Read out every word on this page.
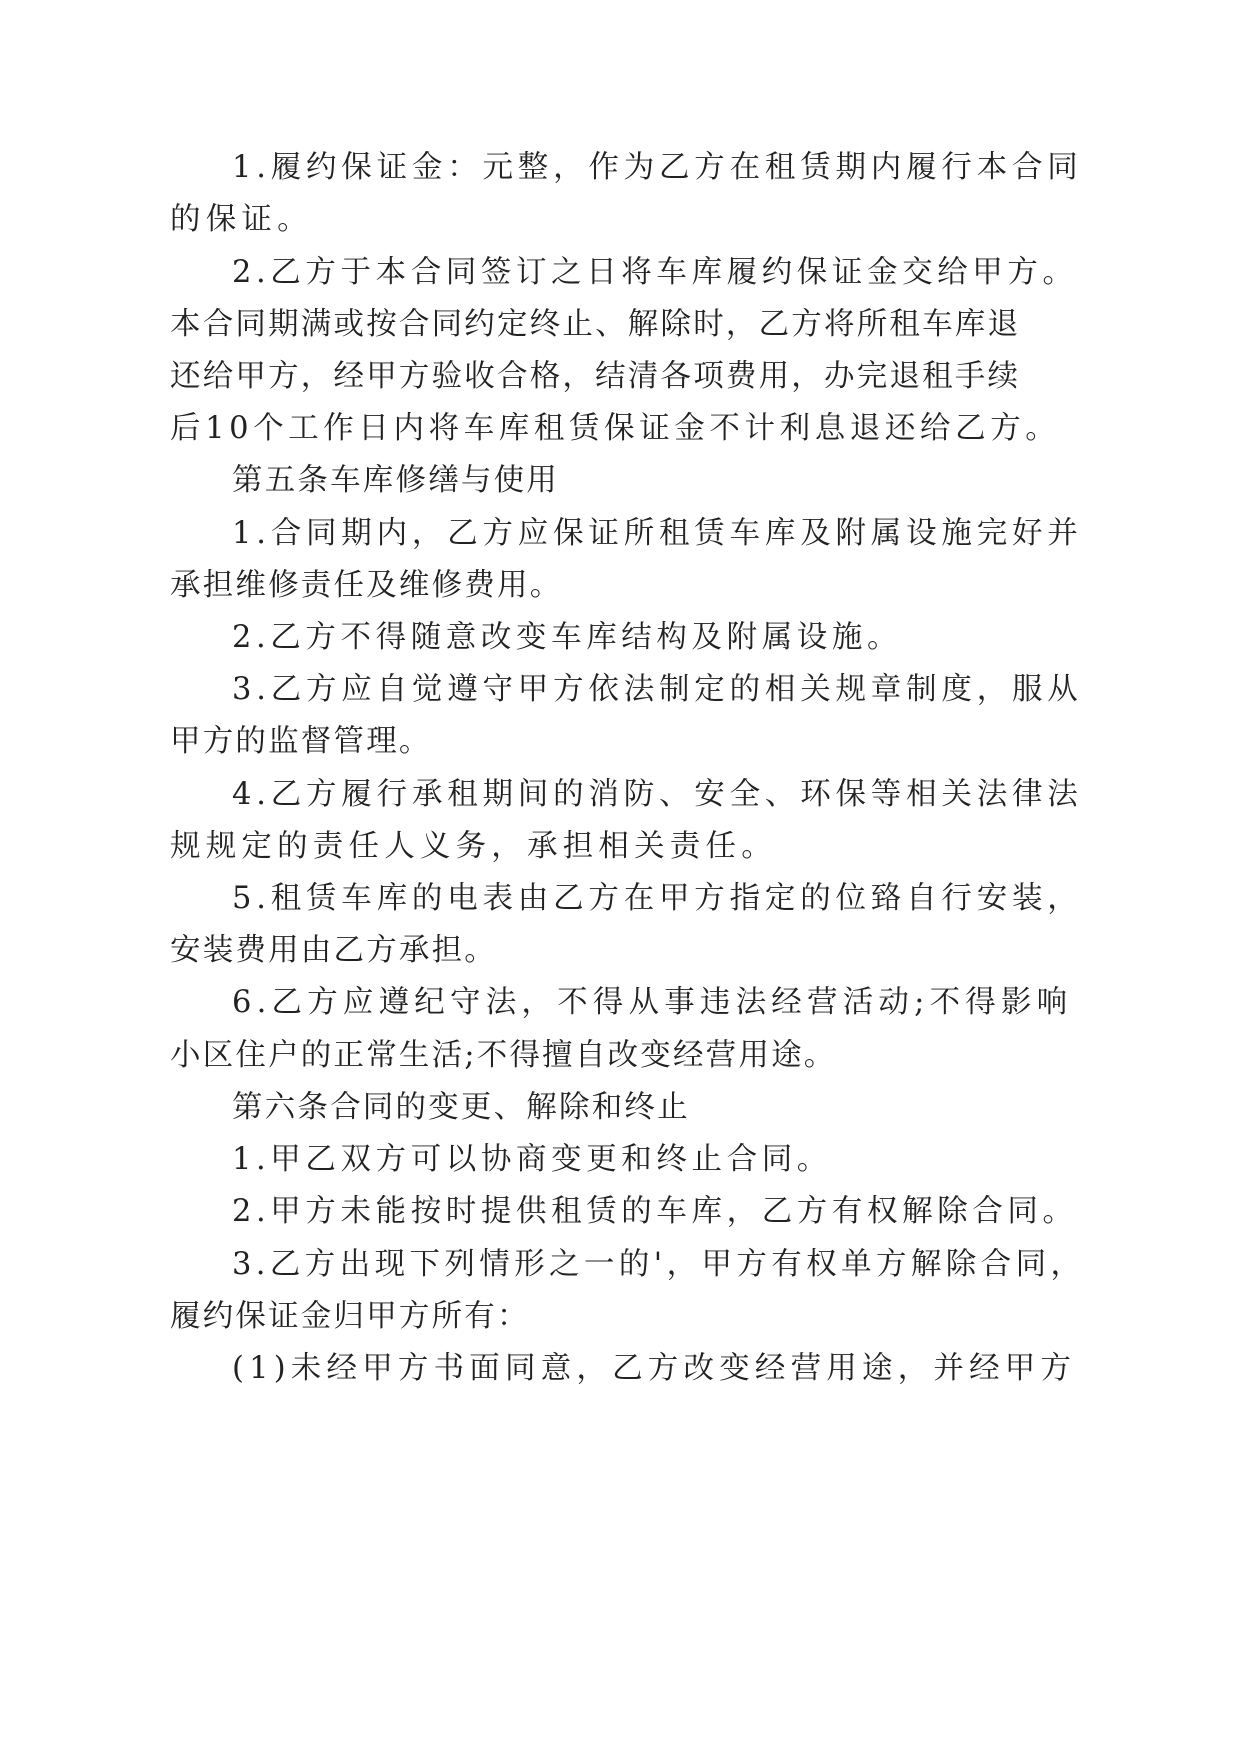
1.履约保证金：元整，作为乙方在租赁期内履行本合同
的保证。
2.乙方于本合同签订之日将车库履约保证金交给甲方。
本合同期满或按合同约定终止、解除时，乙方将所租车库退
还给甲方，经甲方验收合格，结清各项费用，办完退租手续
后10个工作日内将车库租赁保证金不计利息退还给乙方。
第五条车库修缮与使用
1.合同期内，乙方应保证所租赁车库及附属设施完好并
承担维修责任及维修费用。
2.乙方不得随意改变车库结构及附属设施。
3.乙方应自觉遵守甲方依法制定的相关规章制度，服从
甲方的监督管理。
4.乙方履行承租期间的消防、安全、环保等相关法律法
规规定的责任人义务，承担相关责任。
5.租赁车库的电表由乙方在甲方指定的位臵自行安装，
安装费用由乙方承担。
6.乙方应遵纪守法，不得从事违法经营活动;不得影响
小区住户的正常生活;不得擅自改变经营用途。
第六条合同的变更、解除和终止
1.甲乙双方可以协商变更和终止合同。
2.甲方未能按时提供租赁的车库，乙方有权解除合同。
3.乙方出现下列情形之一的'，甲方有权单方解除合同，
履约保证金归甲方所有：
(1)未经甲方书面同意，乙方改变经营用途，并经甲方
